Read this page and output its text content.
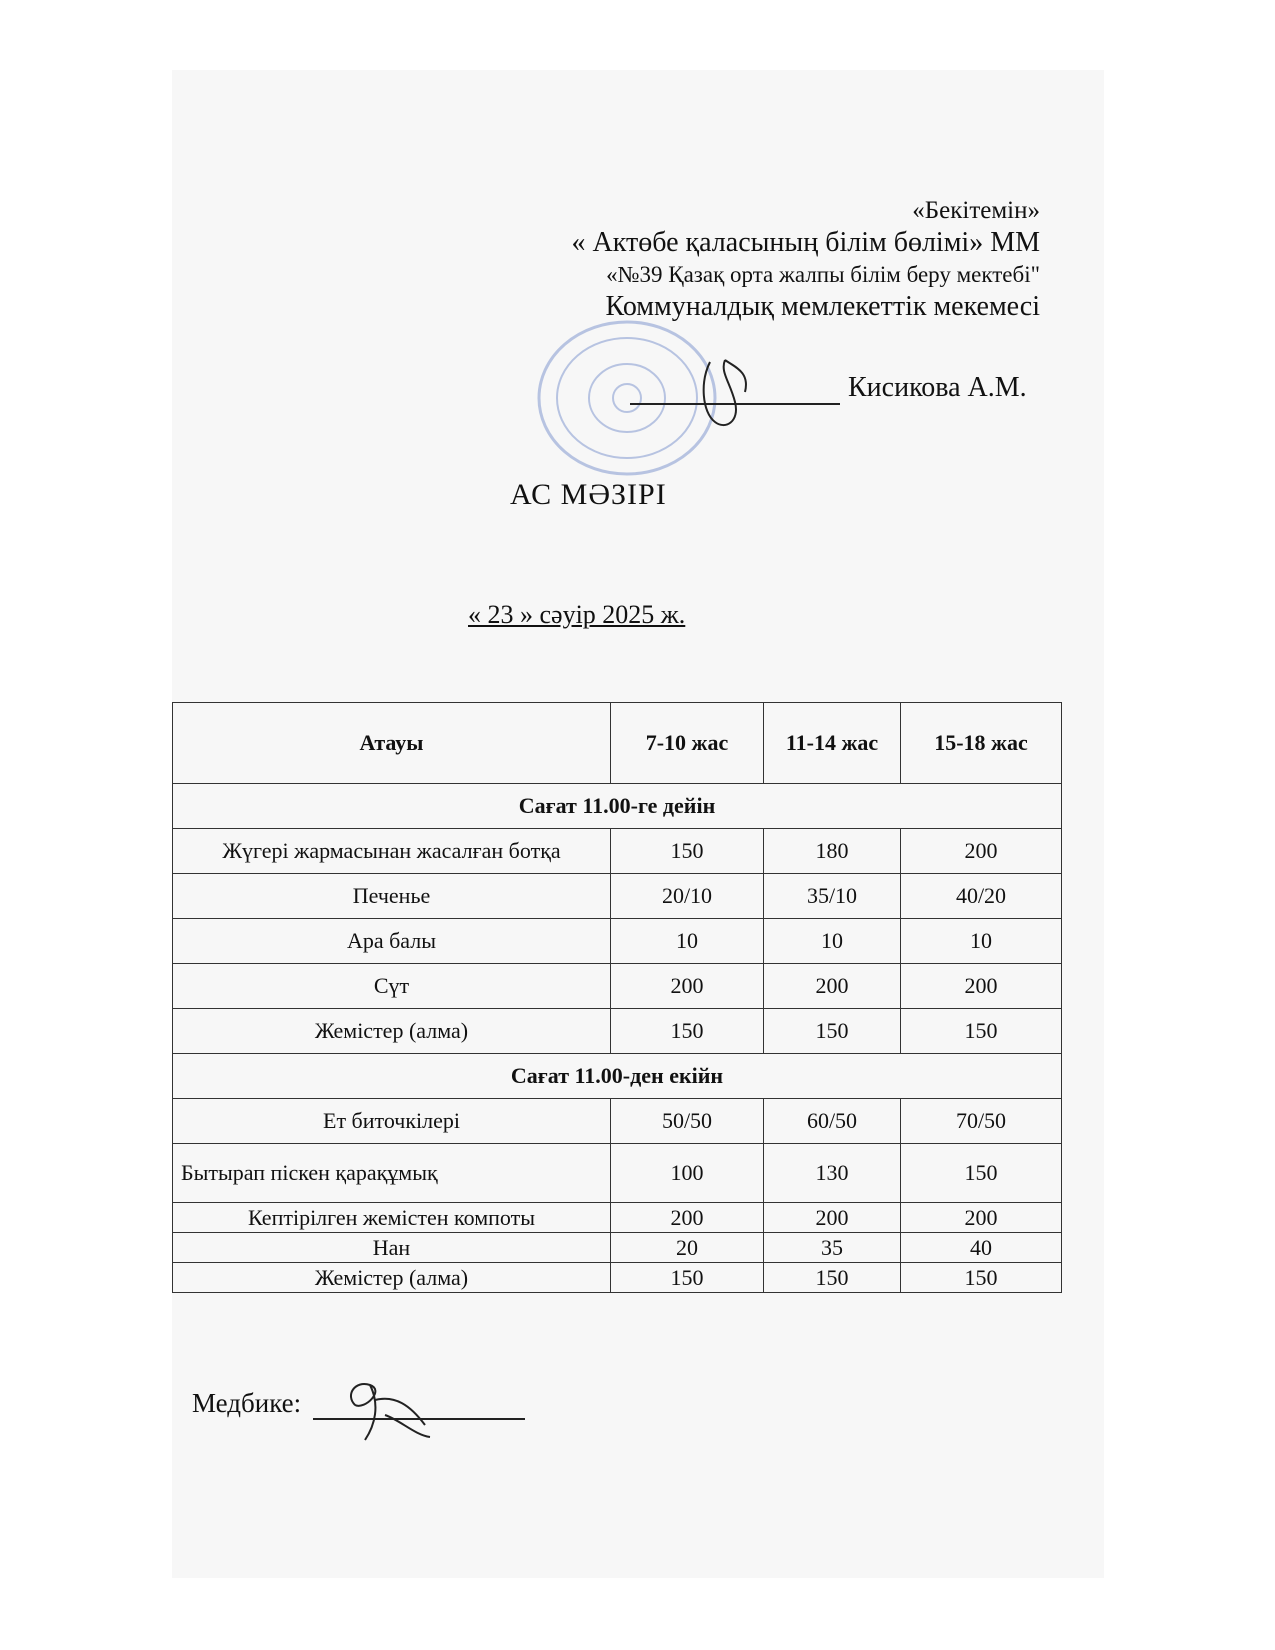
«Бекітемін»
« Актөбе қаласының білім бөлімі» ММ
«№39 Қазақ орта жалпы білім беру мектебі"
Коммуналдық мемлекеттік мекемесі
Кисикова А.М.
АС МӘЗІРІ
« 23 » сәуір 2025 ж.
Атауы	7-10 жас	11-14 жас	15-18 жас
Сағат 11.00-ге дейін			
Жүгері жармасынан жасалған ботқа	150	180	200
Печенье	20/10	35/10	40/20
Ара балы	10	10	10
Сүт	200	200	200
Жемістер (алма)	150	150	150
Сағат 11.00-ден екійн			
Ет биточкілері	50/50	60/50	70/50
Бытырап піскен қарақұмық	100	130	150
Кептірілген жемістен компоты	200	200	200
Нан	20	35	40
Жемістер (алма)	150	150	150
Медбике:
